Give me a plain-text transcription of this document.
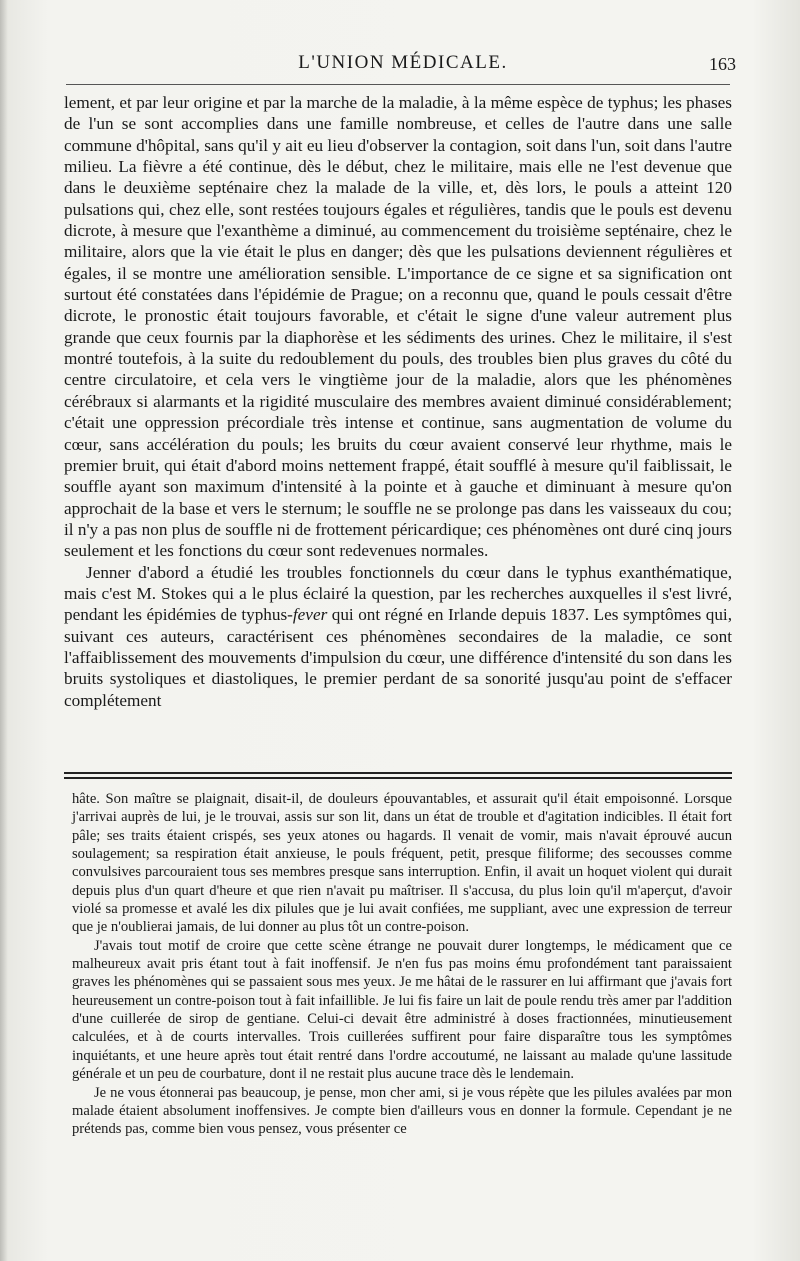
L'UNION MÉDICALE.	163

lement, et par leur origine et par la marche de la maladie, à la même espèce de typhus; les phases de l'un se sont accomplies dans une famille nombreuse, et celles de l'autre dans une salle commune d'hôpital, sans qu'il y ait eu lieu d'observer la contagion, soit dans l'un, soit dans l'autre milieu. La fièvre a été continue, dès le début, chez le militaire, mais elle ne l'est devenue que dans le deuxième septénaire chez la malade de la ville, et, dès lors, le pouls a atteint 120 pulsations qui, chez elle, sont restées toujours égales et régulières, tandis que le pouls est devenu dicrote, à mesure que l'exanthème a diminué, au commencement du troisième septénaire, chez le militaire, alors que la vie était le plus en danger; dès que les pulsations deviennent régulières et égales, il se montre une amélioration sensible. L'importance de ce signe et sa signification ont surtout été constatées dans l'épidémie de Prague; on a reconnu que, quand le pouls cessait d'être dicrote, le pronostic était toujours favorable, et c'était le signe d'une valeur autrement plus grande que ceux fournis par la diaphorèse et les sédiments des urines. Chez le militaire, il s'est montré toutefois, à la suite du redoublement du pouls, des troubles bien plus graves du côté du centre circulatoire, et cela vers le vingtième jour de la maladie, alors que les phénomènes cérébraux si alarmants et la rigidité musculaire des membres avaient diminué considérablement; c'était une oppression précordiale très intense et continue, sans augmentation de volume du cœur, sans accélération du pouls; les bruits du cœur avaient conservé leur rhythme, mais le premier bruit, qui était d'abord moins nettement frappé, était soufflé à mesure qu'il faiblissait, le souffle ayant son maximum d'intensité à la pointe et à gauche et diminuant à mesure qu'on approchait de la base et vers le sternum; le souffle ne se prolonge pas dans les vaisseaux du cou; il n'y a pas non plus de souffle ni de frottement péricardique; ces phénomènes ont duré cinq jours seulement et les fonctions du cœur sont redevenues normales.

Jenner d'abord a étudié les troubles fonctionnels du cœur dans le typhus exanthématique, mais c'est M. Stokes qui a le plus éclairé la question, par les recherches auxquelles il s'est livré, pendant les épidémies de typhus-fever qui ont régné en Irlande depuis 1837. Les symptômes qui, suivant ces auteurs, caractérisent ces phénomènes secondaires de la maladie, ce sont l'affaiblissement des mouvements d'impulsion du cœur, une différence d'intensité du son dans les bruits systoliques et diastoliques, le premier perdant de sa sonorité jusqu'au point de s'effacer complétement

hâte. Son maître se plaignait, disait-il, de douleurs épouvantables, et assurait qu'il était empoisonné. Lorsque j'arrivai auprès de lui, je le trouvai, assis sur son lit, dans un état de trouble et d'agitation indicibles. Il était fort pâle; ses traits étaient crispés, ses yeux atones ou hagards. Il venait de vomir, mais n'avait éprouvé aucun soulagement; sa respiration était anxieuse, le pouls fréquent, petit, presque filiforme; des secousses comme convulsives parcouraient tous ses membres presque sans interruption. Enfin, il avait un hoquet violent qui durait depuis plus d'un quart d'heure et que rien n'avait pu maîtriser. Il s'accusa, du plus loin qu'il m'aperçut, d'avoir violé sa promesse et avalé les dix pilules que je lui avait confiées, me suppliant, avec une expression de terreur que je n'oublierai jamais, de lui donner au plus tôt un contre-poison.

J'avais tout motif de croire que cette scène étrange ne pouvait durer longtemps, le médicament que ce malheureux avait pris étant tout à fait inoffensif. Je n'en fus pas moins ému profondément tant paraissaient graves les phénomènes qui se passaient sous mes yeux. Je me hâtai de le rassurer en lui affirmant que j'avais fort heureusement un contre-poison tout à fait infaillible. Je lui fis faire un lait de poule rendu très amer par l'addition d'une cuillerée de sirop de gentiane. Celui-ci devait être administré à doses fractionnées, minutieusement calculées, et à de courts intervalles. Trois cuillerées suffirent pour faire disparaître tous les symptômes inquiétants, et une heure après tout était rentré dans l'ordre accoutumé, ne laissant au malade qu'une lassitude générale et un peu de courbature, dont il ne restait plus aucune trace dès le lendemain.

Je ne vous étonnerai pas beaucoup, je pense, mon cher ami, si je vous répète que les pilules avalées par mon malade étaient absolument inoffensives. Je compte bien d'ailleurs vous en donner la formule. Cependant je ne prétends pas, comme bien vous pensez, vous présenter ce
